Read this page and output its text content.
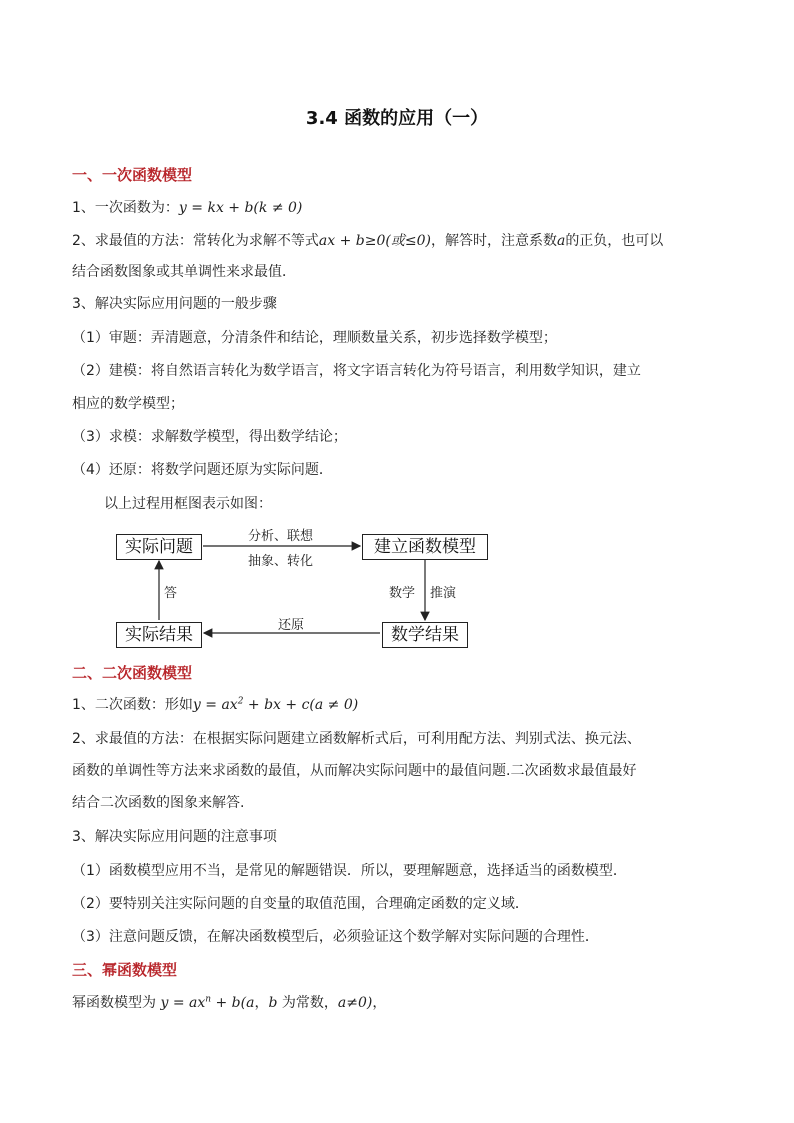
3.4 函数的应用（一）
一、一次函数模型
1、一次函数为：y = kx + b(k ≠ 0)
2、求最值的方法：常转化为求解不等式ax + b≥0(或≤0)，解答时，注意系数a的正负，也可以
结合函数图象或其单调性来求最值．
3、解决实际应用问题的一般步骤
（1）审题：弄清题意，分清条件和结论，理顺数量关系，初步选择数学模型；
（2）建模：将自然语言转化为数学语言，将文字语言转化为符号语言，利用数学知识，建立
相应的数学模型；
（3）求模：求解数学模型，得出数学结论；
（4）还原：将数学问题还原为实际问题．
以上过程用框图表示如图：
实际问题	建立函数模型
实际结果	数学结果
分析、联想
抽象、转化
数学 推演
还原
答
二、二次函数模型
1、二次函数：形如$y = ax^2$ + bx + c(a ≠ 0)
2、求最值的方法：在根据实际问题建立函数解析式后，可利用配方法、判别式法、换元法、
函数的单调性等方法来求函数的最值，从而解决实际问题中的最值问题.二次函数求最值最好
结合二次函数的图象来解答.
3、解决实际应用问题的注意事项
（1）函数模型应用不当，是常见的解题错误．所以，要理解题意，选择适当的函数模型．
（2）要特别关注实际问题的自变量的取值范围，合理确定函数的定义域．
（3）注意问题反馈，在解决函数模型后，必须验证这个数学解对实际问题的合理性．
三、幂函数模型
幂函数模型为 $y = ax^n + b(a$，b 为常数，a≠0)，
